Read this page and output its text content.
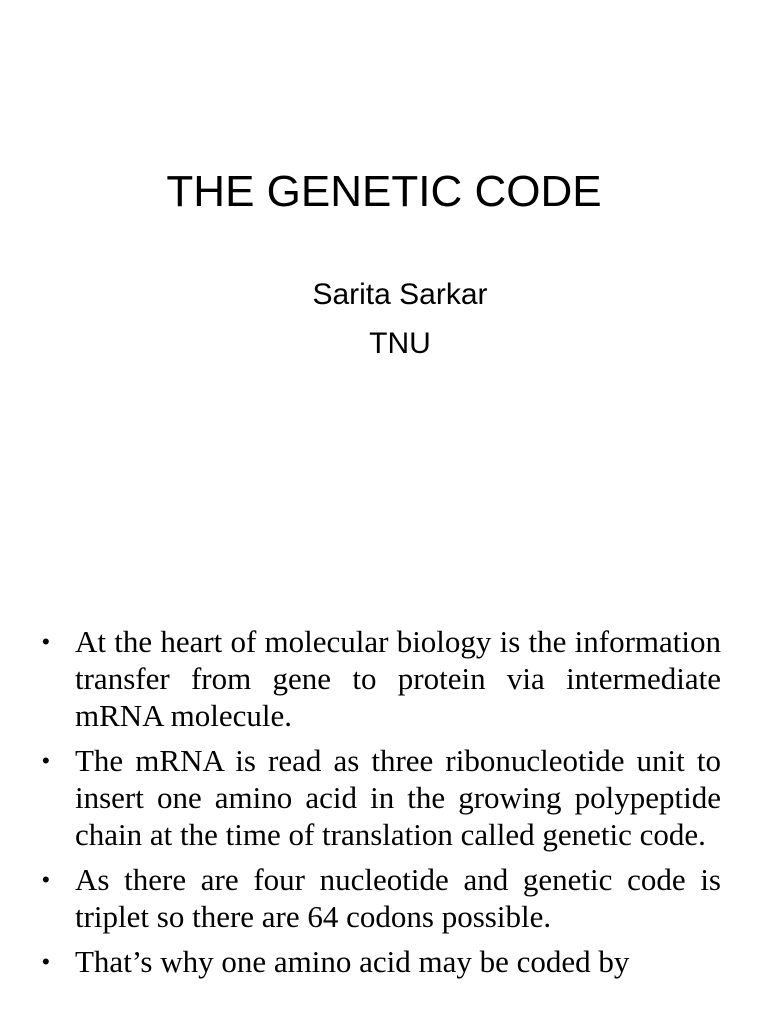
THE GENETIC CODE

Sarita Sarkar

TNU

• At the heart of molecular biology is the information transfer from gene to protein via intermediate mRNA molecule.
• The mRNA is read as three ribonucleotide unit to insert one amino acid in the growing polypeptide chain at the time of translation called genetic code.
• As there are four nucleotide and genetic code is triplet so there are 64 codons possible.
• That’s why one amino acid may be coded by
